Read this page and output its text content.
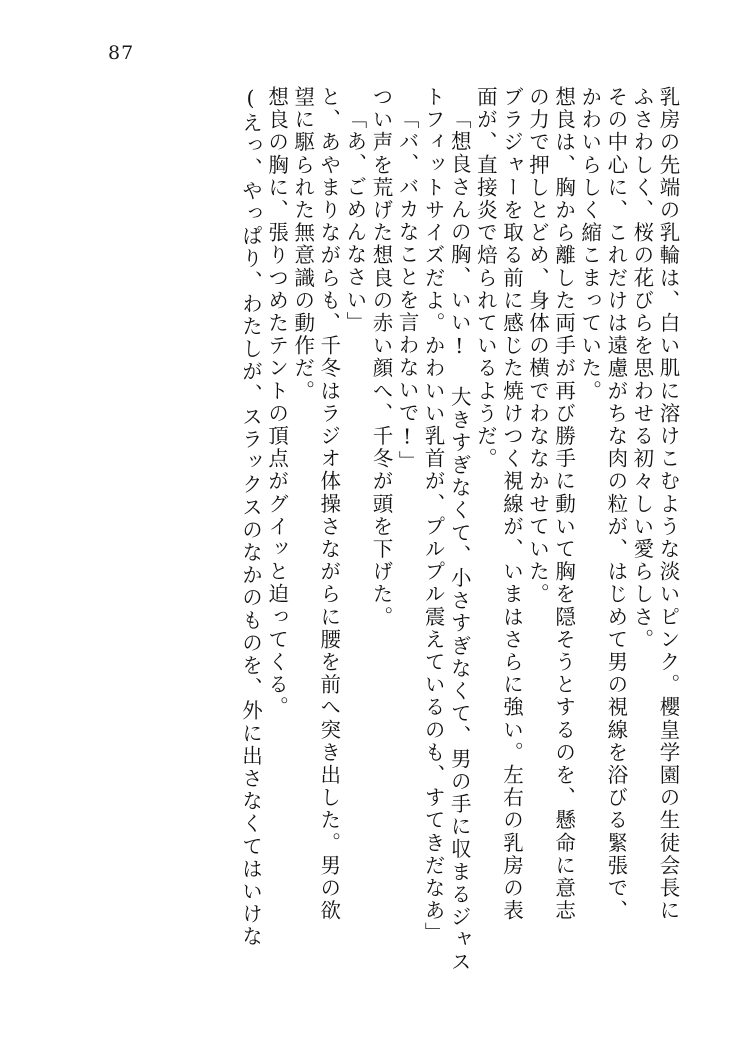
87
乳房の先端の乳輪は、白い肌に溶けこむような淡いピンク。櫻皇学園の生徒会長に
ふさわしく、桜の花びらを思わせる初々しい愛らしさ。
その中心に、これだけは遠慮がちな肉の粒が、はじめて男の視線を浴びる緊張で、
かわいらしく縮こまっていた。
想良は、胸から離した両手が再び勝手に動いて胸を隠そうとするのを、懸命に意志
の力で押しとどめ、身体の横でわななかせていた。
ブラジャーを取る前に感じた焼けつく視線が、いまはさらに強い。左右の乳房の表
面が、直接炎で焙られているようだ。
「想良さんの胸、いい! 大きすぎなくて、小さすぎなくて、男の手に収まるジャス
トフィットサイズだよ。かわいい乳首が、プルプル震えているのも、すてきだなあ」
「バ、バカなことを言わないで!」
つい声を荒げた想良の赤い顔へ、千冬が頭を下げた。
「あ、ごめんなさい」
と、あやまりながらも、千冬はラジオ体操さながらに腰を前へ突き出した。男の欲
望に駆られた無意識の動作だ。
想良の胸に、張りつめたテントの頂点がグイッと迫ってくる。
(えっ、やっぱり、わたしが、スラックスのなかのものを、外に出さなくてはいけな
